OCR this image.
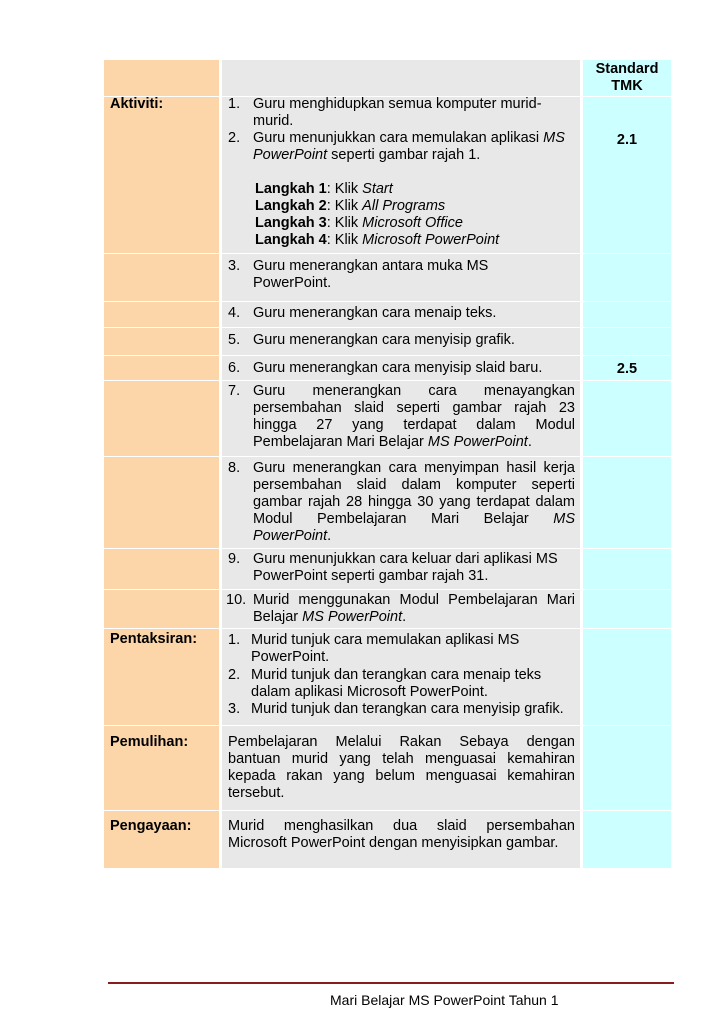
Standard TMK
Aktiviti:
Pentaksiran:
Pemulihan:
Pengayaan:
2.1
2.5
1. Guru menghidupkan semua komputer murid-
murid.
2. Guru menunjukkan cara memulakan aplikasi MS
PowerPoint seperti gambar rajah 1.
Langkah 1: Klik Start
Langkah 2: Klik All Programs
Langkah 3: Klik Microsoft Office
Langkah 4: Klik Microsoft PowerPoint
3. Guru menerangkan antara muka MS
PowerPoint.
4. Guru menerangkan cara menaip teks.
5. Guru menerangkan cara menyisip grafik.
6. Guru menerangkan cara menyisip slaid baru.
7. Guru menerangkan cara menayangkan persembahan slaid seperti gambar rajah 23 hingga 27 yang terdapat dalam Modul Pembelajaran Mari Belajar MS PowerPoint.
8. Guru menerangkan cara menyimpan hasil kerja persembahan slaid dalam komputer seperti gambar rajah 28 hingga 30 yang terdapat dalam Modul Pembelajaran Mari Belajar MS PowerPoint.
9. Guru menunjukkan cara keluar dari aplikasi MS
PowerPoint seperti gambar rajah 31.
10. Murid menggunakan Modul Pembelajaran Mari Belajar MS PowerPoint.
1. Murid tunjuk cara memulakan aplikasi MS
PowerPoint.
2. Murid tunjuk dan terangkan cara menaip teks
dalam aplikasi Microsoft PowerPoint.
3. Murid tunjuk dan terangkan cara menyisip grafik.
Pembelajaran Melalui Rakan Sebaya dengan bantuan murid yang telah menguasai kemahiran kepada rakan yang belum menguasai kemahiran tersebut.
Murid menghasilkan dua slaid persembahan Microsoft PowerPoint dengan menyisipkan gambar.
Mari Belajar MS PowerPoint Tahun 1
